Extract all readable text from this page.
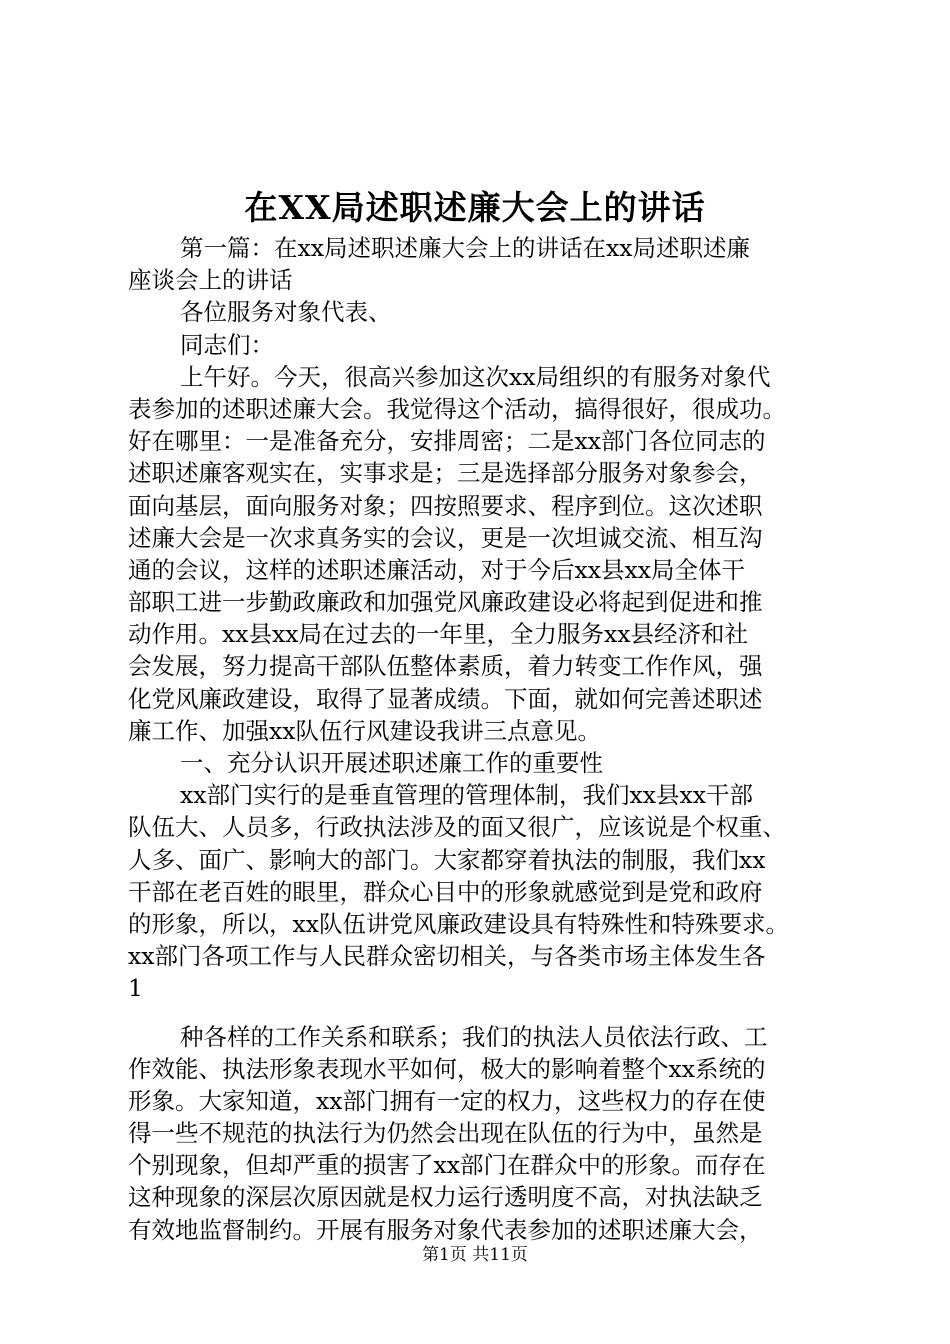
在XX局述职述廉大会上的讲话
第一篇：在xx局述职述廉大会上的讲话在xx局述职述廉
座谈会上的讲话
各位服务对象代表、
同志们：
上午好。今天，很高兴参加这次xx局组织的有服务对象代
表参加的述职述廉大会。我觉得这个活动，搞得很好，很成功。
好在哪里：一是准备充分，安排周密；二是xx部门各位同志的
述职述廉客观实在，实事求是；三是选择部分服务对象参会，
面向基层，面向服务对象；四按照要求、程序到位。这次述职
述廉大会是一次求真务实的会议，更是一次坦诚交流、相互沟
通的会议，这样的述职述廉活动，对于今后xx县xx局全体干
部职工进一步勤政廉政和加强党风廉政建设必将起到促进和推
动作用。xx县xx局在过去的一年里，全力服务xx县经济和社
会发展，努力提高干部队伍整体素质，着力转变工作作风，强
化党风廉政建设，取得了显著成绩。下面，就如何完善述职述
廉工作、加强xx队伍行风建设我讲三点意见。
一、充分认识开展述职述廉工作的重要性
xx部门实行的是垂直管理的管理体制，我们xx县xx干部
队伍大、人员多，行政执法涉及的面又很广，应该说是个权重、
人多、面广、影响大的部门。大家都穿着执法的制服，我们xx
干部在老百姓的眼里，群众心目中的形象就感觉到是党和政府
的形象，所以，xx队伍讲党风廉政建设具有特殊性和特殊要求。
xx部门各项工作与人民群众密切相关，与各类市场主体发生各
1
种各样的工作关系和联系；我们的执法人员依法行政、工
作效能、执法形象表现水平如何，极大的影响着整个xx系统的
形象。大家知道，xx部门拥有一定的权力，这些权力的存在使
得一些不规范的执法行为仍然会出现在队伍的行为中，虽然是
个别现象，但却严重的损害了xx部门在群众中的形象。而存在
这种现象的深层次原因就是权力运行透明度不高，对执法缺乏
有效地监督制约。开展有服务对象代表参加的述职述廉大会，
第1页 共11页
